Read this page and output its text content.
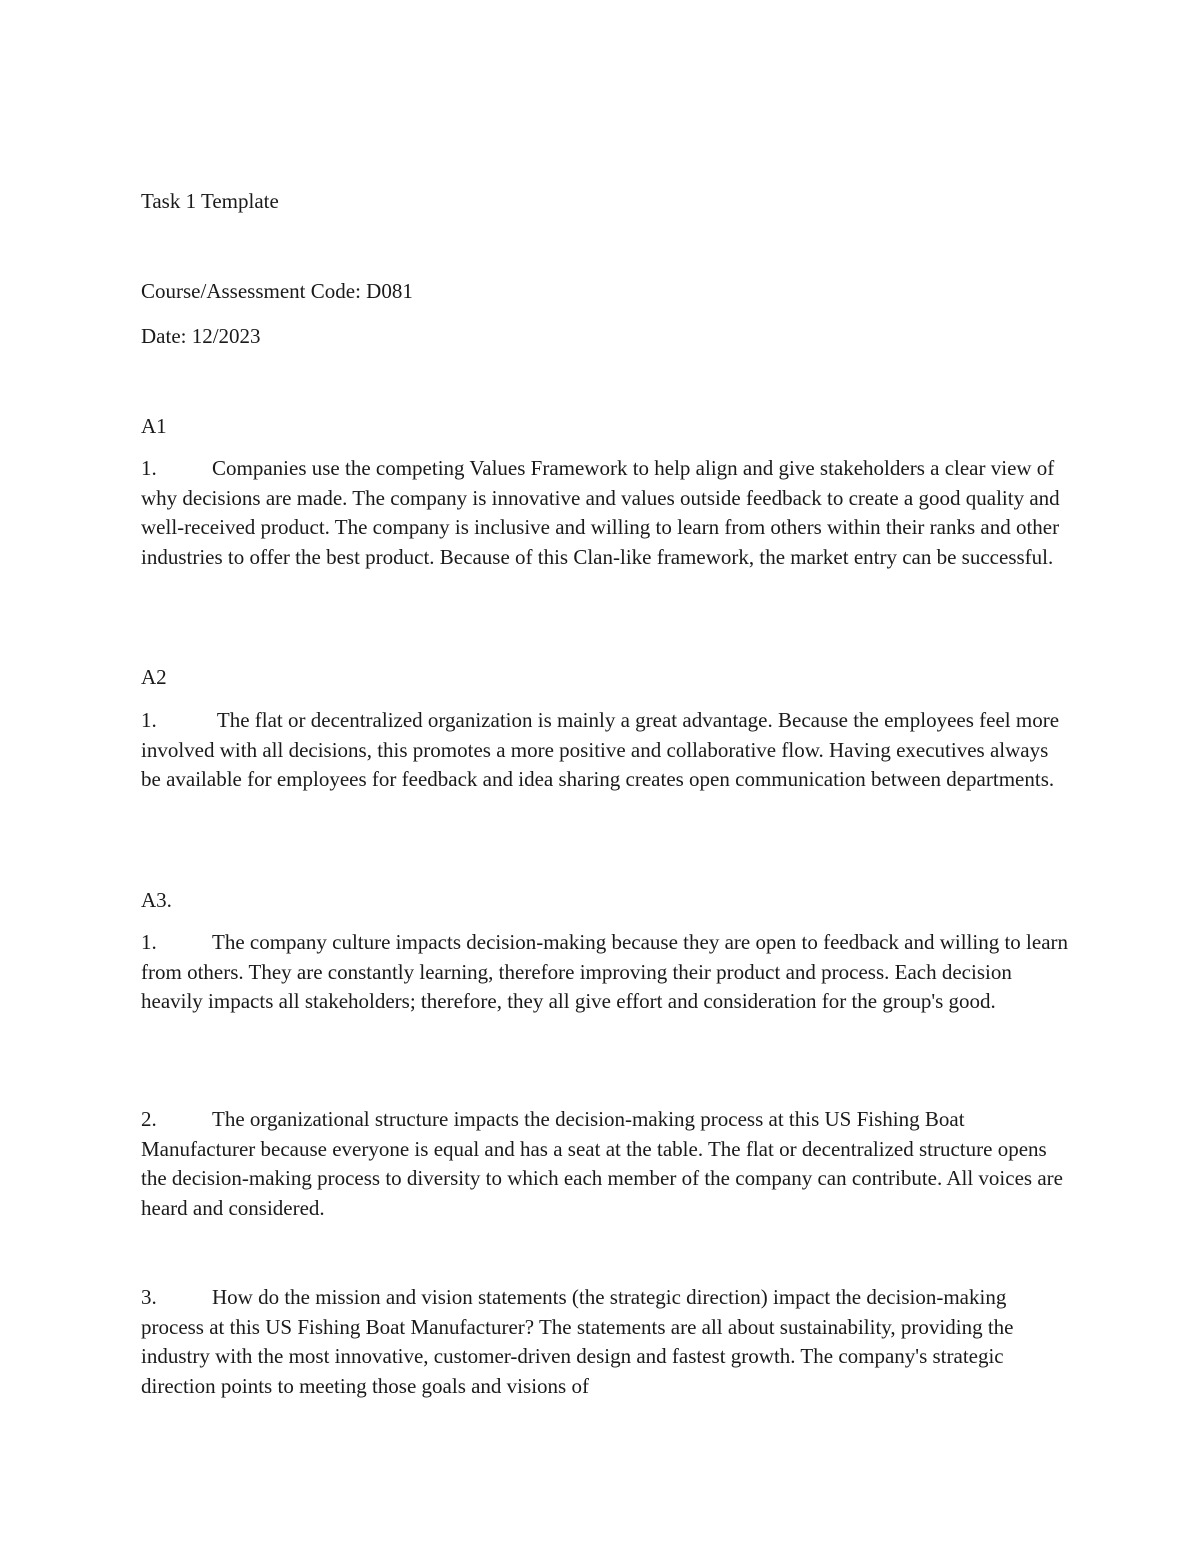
Task 1 Template
Course/Assessment Code: D081
Date: 12/2023
A1
1.	Companies use the competing Values Framework to help align and give stakeholders a clear view of why decisions are made. The company is innovative and values outside feedback to create a good quality and well-received product. The company is inclusive and willing to learn from others within their ranks and other industries to offer the best product. Because of this Clan-like framework, the market entry can be successful.
A2
1.	The flat or decentralized organization is mainly a great advantage. Because the employees feel more involved with all decisions, this promotes a more positive and collaborative flow. Having executives always be available for employees for feedback and idea sharing creates open communication between departments.
A3.
1.	The company culture impacts decision-making because they are open to feedback and willing to learn from others. They are constantly learning, therefore improving their product and process. Each decision heavily impacts all stakeholders; therefore, they all give effort and consideration for the group's good.
2.	The organizational structure impacts the decision-making process at this US Fishing Boat Manufacturer because everyone is equal and has a seat at the table. The flat or decentralized structure opens the decision-making process to diversity to which each member of the company can contribute. All voices are heard and considered.
3.	How do the mission and vision statements (the strategic direction) impact the decision-making process at this US Fishing Boat Manufacturer? The statements are all about sustainability, providing the industry with the most innovative, customer-driven design and fastest growth. The company's strategic direction points to meeting those goals and visions of
